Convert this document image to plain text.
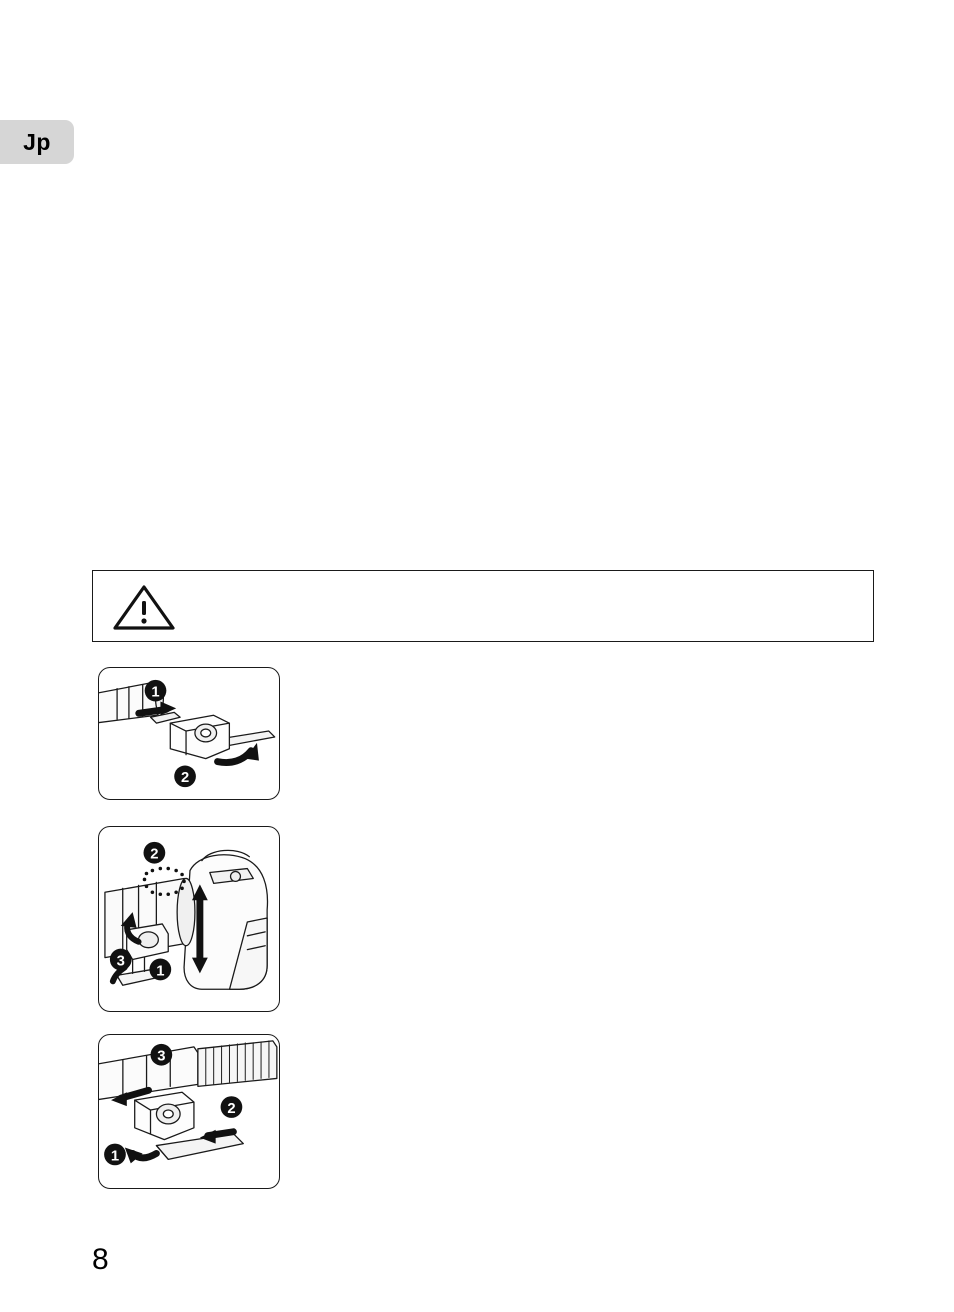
Jp
1
2
2
3
1
3
2
1
8
